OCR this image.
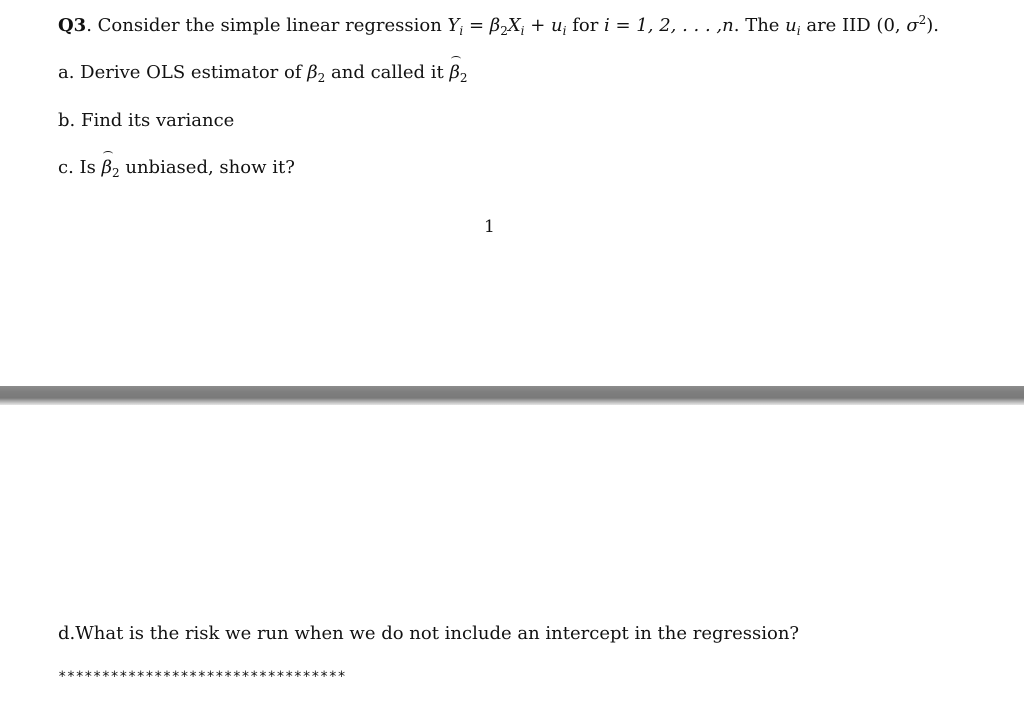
Q3. Consider the simple linear regression $Y_i = \beta_2X_i + u_i$ for i = 1, 2, . . . ,n. The $u_i$ are IID (0, $\sigma^2$).
a. Derive OLS estimator of $\beta_2$ and called it $\beta_2$
b. Find its variance
c. Is $\beta_2$ unbiased, show it?
1
d.What is the risk we run when we do not include an intercept in the regression?
*********************************
